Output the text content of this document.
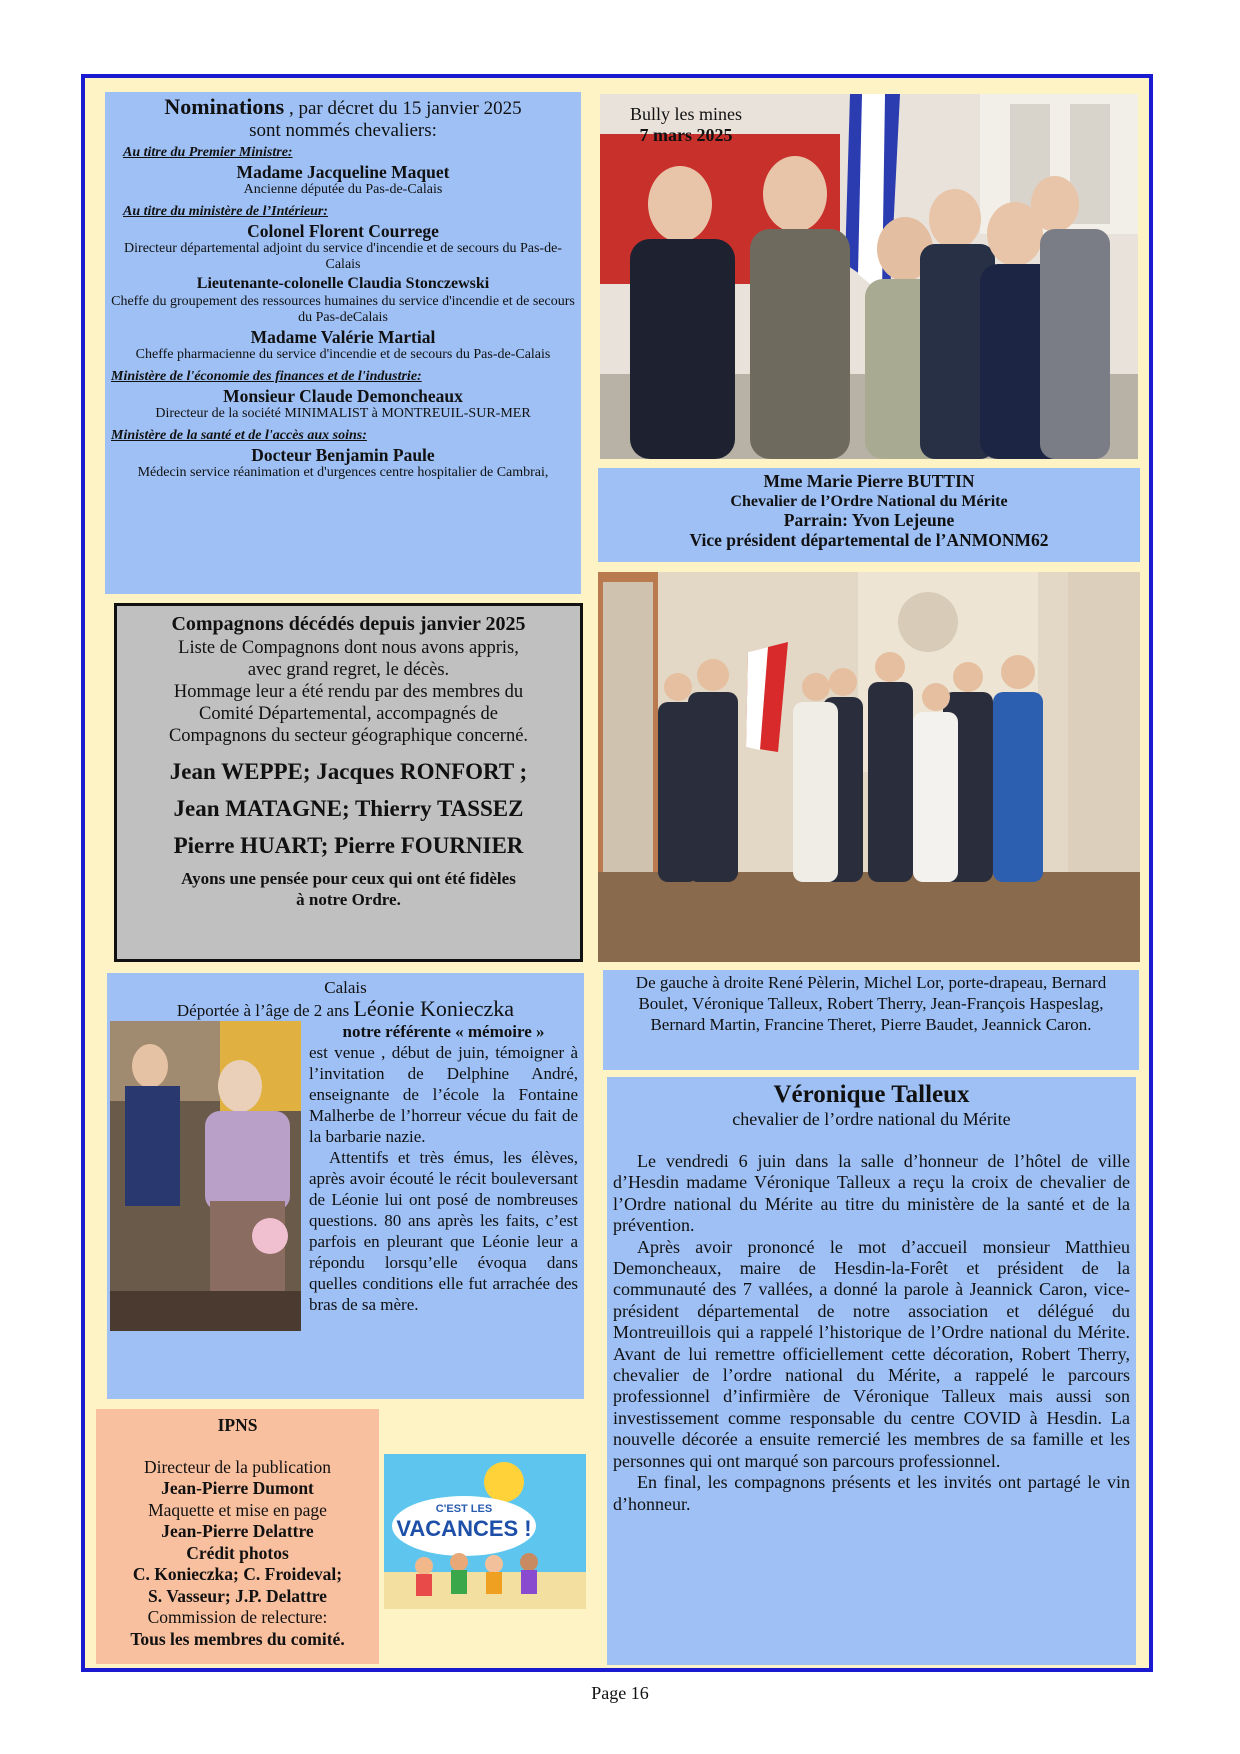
Nominations , par décret du 15 janvier 2025
sont nommés chevaliers:
Au titre du Premier Ministre:
Madame Jacqueline Maquet
Ancienne députée du Pas-de-Calais
Au titre du ministère de l’Intérieur:
Colonel Florent Courrege
Directeur départemental adjoint du service d'incendie et de secours du Pas-de-Calais
Lieutenante-colonelle Claudia Stonczewski
Cheffe du groupement des ressources humaines du service d'incendie et de secours du Pas-deCalais
Madame Valérie Martial
Cheffe pharmacienne du service d'incendie et de secours du Pas-de-Calais
Ministère de l'économie des finances et de l'industrie:
Monsieur Claude Demoncheaux
Directeur de la société MINIMALIST à MONTREUIL-SUR-MER
Ministère de la santé et de l'accès aux soins:
Docteur Benjamin Paule
Médecin service réanimation et d'urgences centre hospitalier de Cambrai,
Bully les mines
7 mars 2025
Mme Marie Pierre BUTTIN
Chevalier de l’Ordre National du Mérite
Parrain: Yvon Lejeune
Vice président départemental de l’ANMONM62
De gauche à droite René Pèlerin, Michel Lor, porte-drapeau, Bernard Boulet, Véronique Talleux, Robert Therry, Jean-François Haspeslag, Bernard Martin, Francine Theret, Pierre Baudet, Jeannick Caron.
Compagnons décédés depuis janvier 2025
Liste de Compagnons dont nous avons appris,
avec grand regret, le décès.
Hommage leur a été rendu par des membres du
Comité Départemental, accompagnés de
Compagnons du secteur géographique concerné.
Jean WEPPE; Jacques RONFORT ;
Jean MATAGNE; Thierry TASSEZ
Pierre HUART; Pierre FOURNIER
Ayons une pensée pour ceux qui ont été fidèles
à notre Ordre.
Calais
Déportée à l’âge de 2 ans Léonie Konieczka
notre référente « mémoire »
est venue , début de juin, témoigner à l’invitation de Delphine André, enseignante de l’école la Fontaine Malherbe de l’horreur vécue du fait de la barbarie nazie.
Attentifs et très émus, les élèves, après avoir écouté le récit bouleversant de Léonie lui ont posé de nombreuses questions. 80 ans après les faits, c’est parfois en pleurant que Léonie leur a répondu lorsqu’elle évoqua dans quelles conditions elle fut arrachée des bras de sa mère.
Véronique Talleux
chevalier de l’ordre national du Mérite

Le vendredi 6 juin dans la salle d’honneur de l’hôtel de ville d’Hesdin madame Véronique Talleux a reçu la croix de chevalier de l’Ordre national du Mérite au titre du ministère de la santé et de la prévention.

Après avoir prononcé le mot d’accueil monsieur Matthieu Demoncheaux, maire de Hesdin-la-Forêt et président de la communauté des 7 vallées, a donné la parole à Jeannick Caron, vice-président départemental de notre association et délégué du Montreuillois qui a rappelé l’historique de l’Ordre national du Mérite. Avant de lui remettre officiellement cette décoration, Robert Therry, chevalier de l’ordre national du Mérite, a rappelé le parcours professionnel d’infirmière de Véronique Talleux mais aussi son investissement comme responsable du centre COVID à Hesdin. La nouvelle décorée a ensuite remercié les membres de sa famille et les personnes qui ont marqué son parcours professionnel.

En final, les compagnons présents et les invités ont partagé le vin d’honneur.

IPNS
Directeur de la publication
Jean-Pierre Dumont
Maquette et mise en page
Jean-Pierre Delattre
Crédit photos
C. Konieczka; C. Froideval;
S. Vasseur; J.P. Delattre
Commission de relecture:
Tous les membres du comité.
C'EST LES
VACANCES !
Page 16
